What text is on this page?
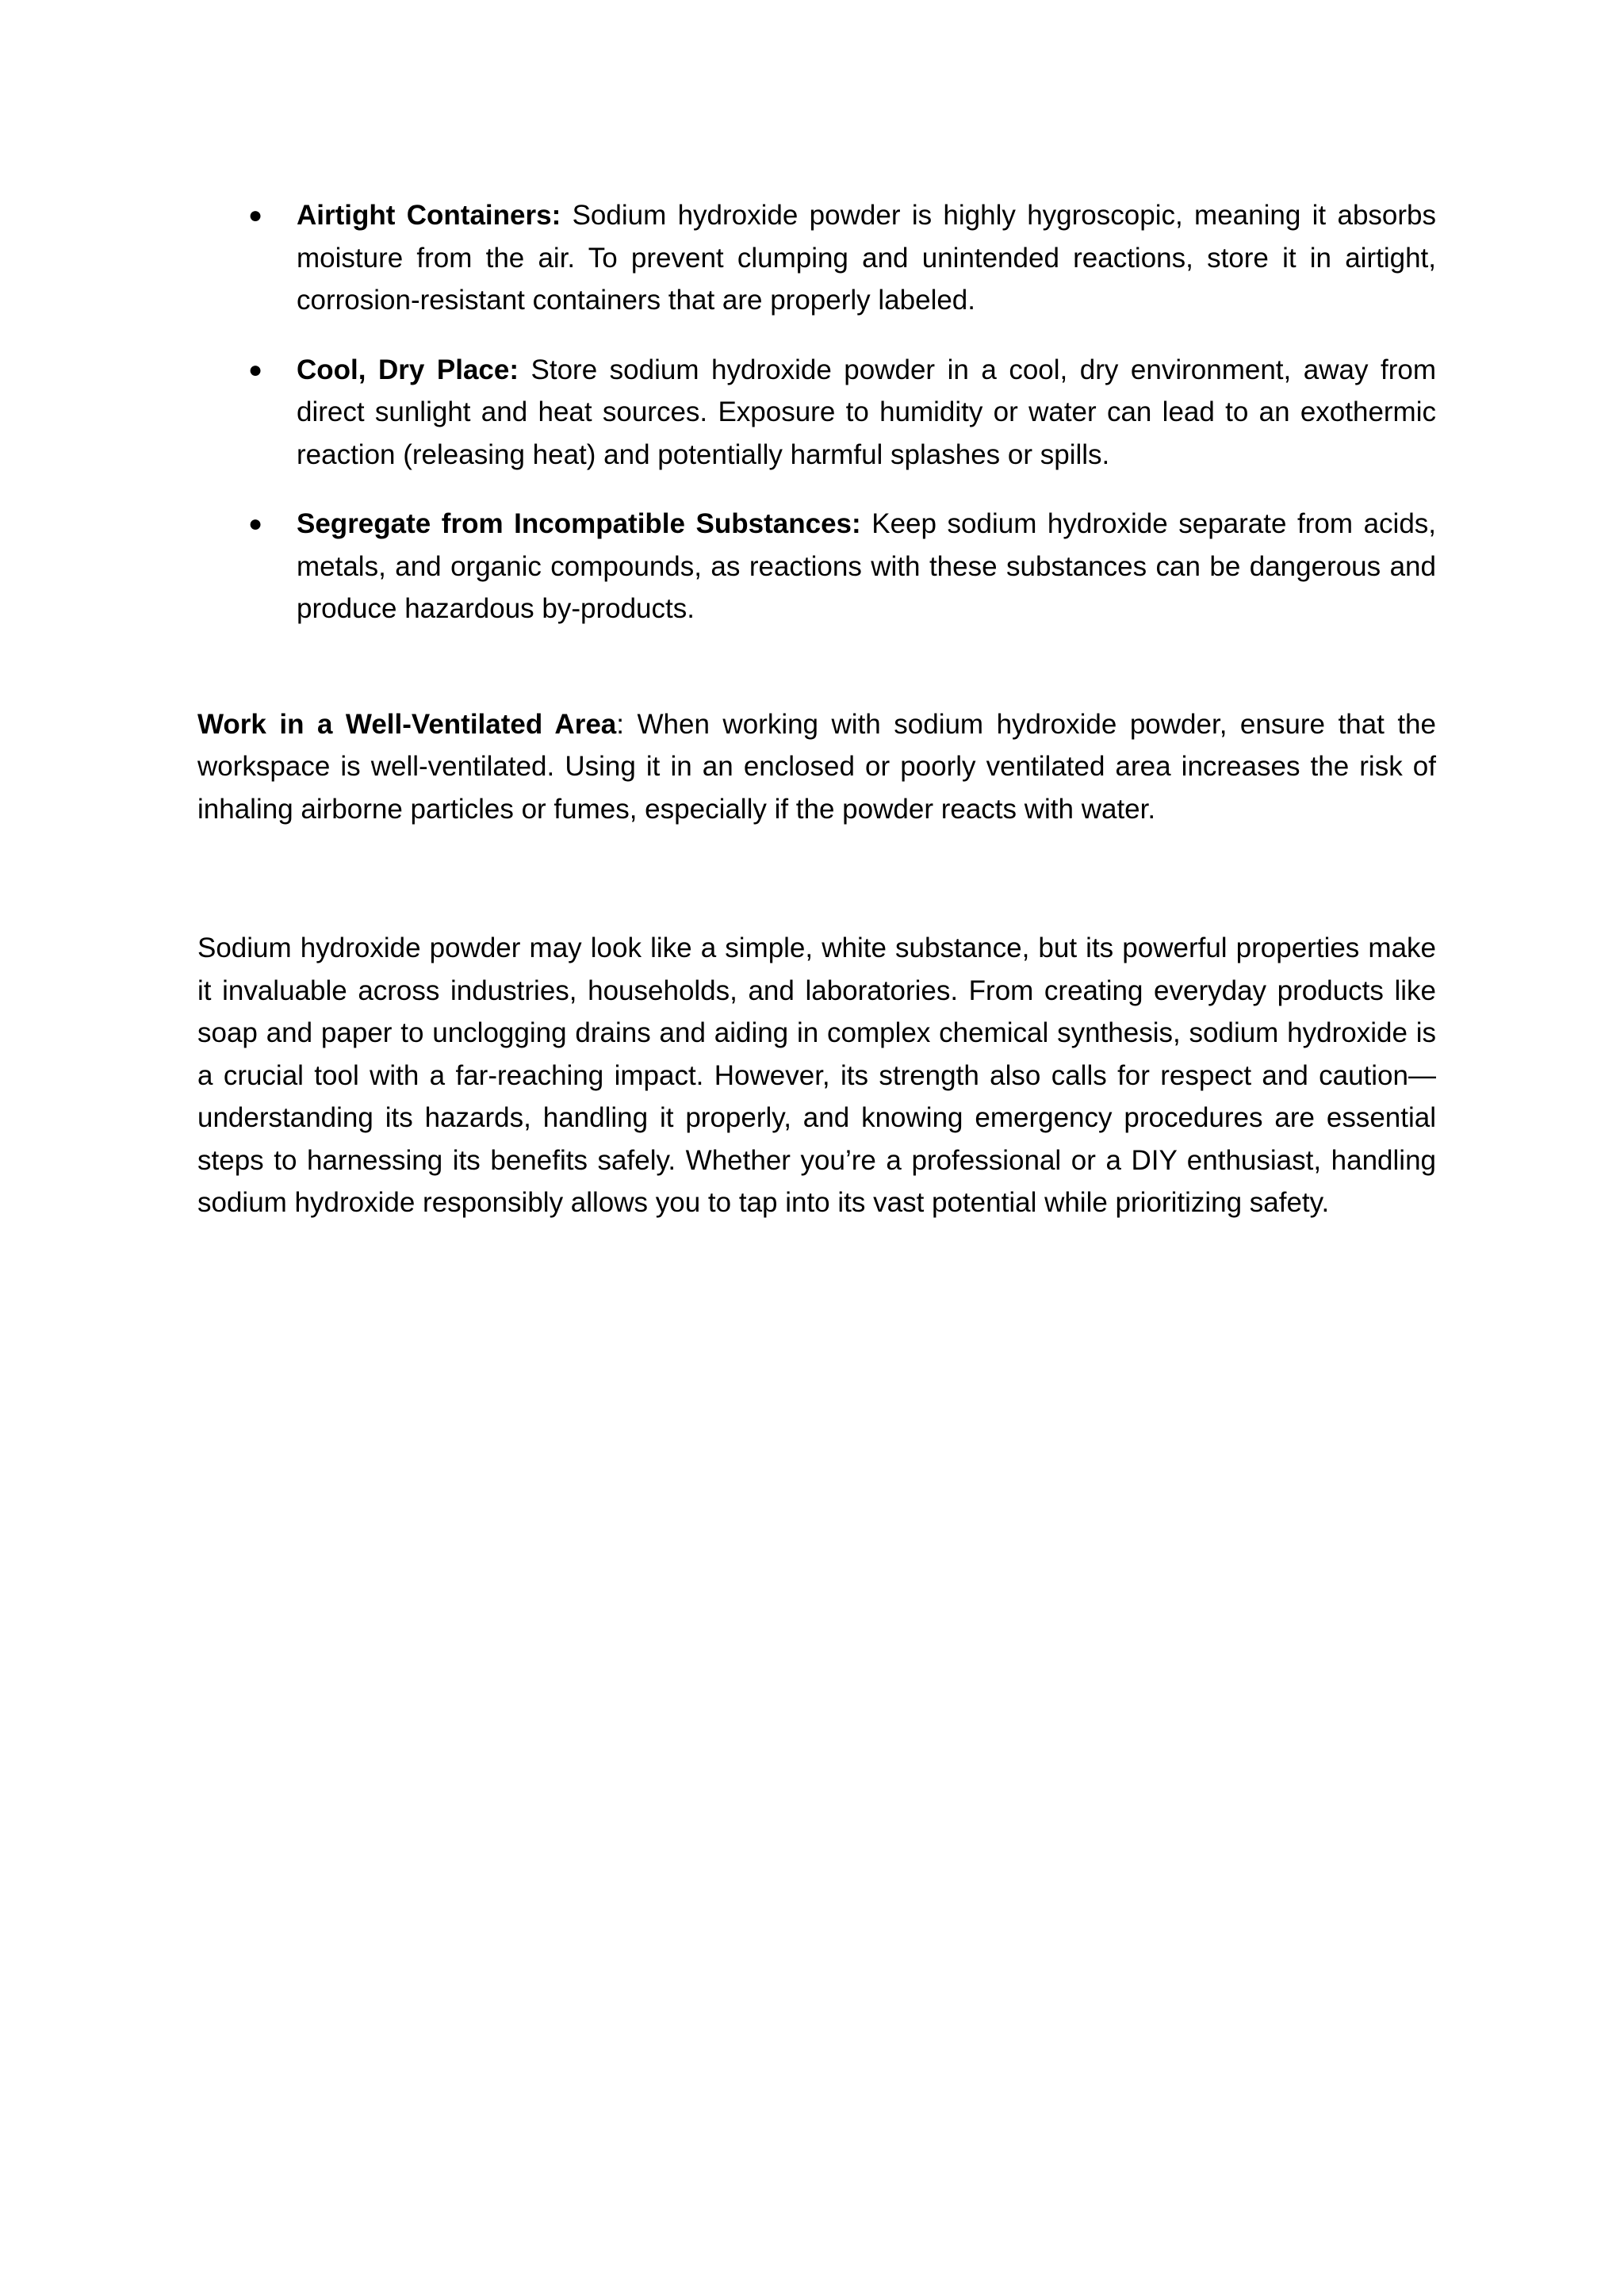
● Airtight Containers: Sodium hydroxide powder is highly hygroscopic, meaning it absorbs moisture from the air. To prevent clumping and unintended reactions, store it in airtight, corrosion-resistant containers that are properly labeled.
● Cool, Dry Place: Store sodium hydroxide powder in a cool, dry environment, away from direct sunlight and heat sources. Exposure to humidity or water can lead to an exothermic reaction (releasing heat) and potentially harmful splashes or spills.
● Segregate from Incompatible Substances: Keep sodium hydroxide separate from acids, metals, and organic compounds, as reactions with these substances can be dangerous and produce hazardous by-products.

Work in a Well-Ventilated Area: When working with sodium hydroxide powder, ensure that the workspace is well-ventilated. Using it in an enclosed or poorly ventilated area increases the risk of inhaling airborne particles or fumes, especially if the powder reacts with water.

Sodium hydroxide powder may look like a simple, white substance, but its powerful properties make it invaluable across industries, households, and laboratories. From creating everyday products like soap and paper to unclogging drains and aiding in complex chemical synthesis, sodium hydroxide is a crucial tool with a far-reaching impact. However, its strength also calls for respect and caution—understanding its hazards, handling it properly, and knowing emergency procedures are essential steps to harnessing its benefits safely. Whether you’re a professional or a DIY enthusiast, handling sodium hydroxide responsibly allows you to tap into its vast potential while prioritizing safety.
